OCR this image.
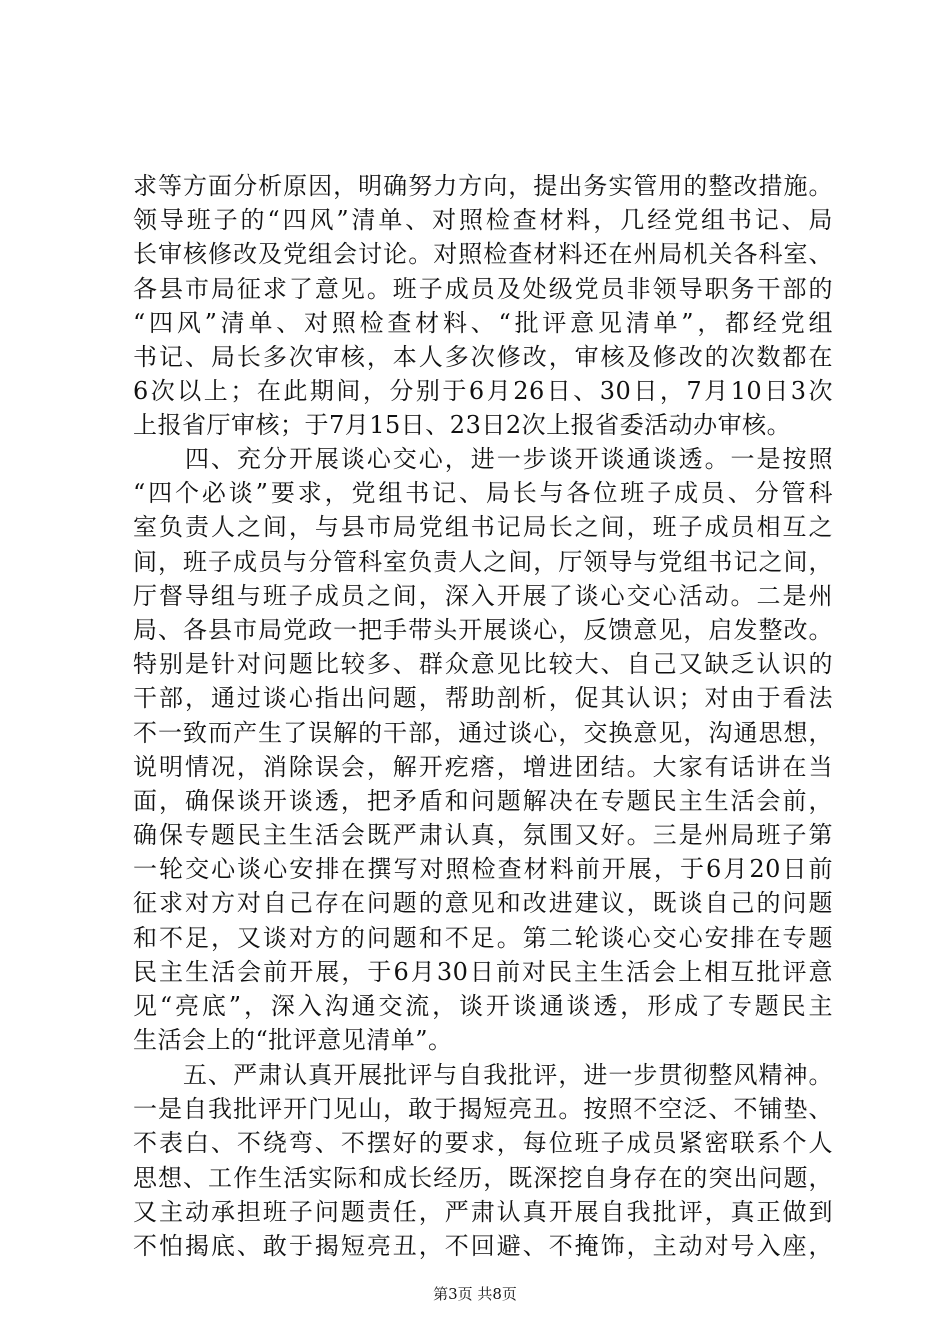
求等方面分析原因，明确努力方向，提出务实管用的整改措施。
领导班子的“四风”清单、对照检查材料，几经党组书记、局
长审核修改及党组会讨论。对照检查材料还在州局机关各科室、
各县市局征求了意见。班子成员及处级党员非领导职务干部的
“四风”清单、对照检查材料、“批评意见清单”，都经党组
书记、局长多次审核，本人多次修改，审核及修改的次数都在
6次以上；在此期间，分别于6月26日、30日，7月10日3次
上报省厅审核；于7月15日、23日2次上报省委活动办审核。
　　四、充分开展谈心交心，进一步谈开谈通谈透。一是按照
“四个必谈”要求，党组书记、局长与各位班子成员、分管科
室负责人之间，与县市局党组书记局长之间，班子成员相互之
间，班子成员与分管科室负责人之间，厅领导与党组书记之间，
厅督导组与班子成员之间，深入开展了谈心交心活动。二是州
局、各县市局党政一把手带头开展谈心，反馈意见，启发整改。
特别是针对问题比较多、群众意见比较大、自己又缺乏认识的
干部，通过谈心指出问题，帮助剖析，促其认识；对由于看法
不一致而产生了误解的干部，通过谈心，交换意见，沟通思想，
说明情况，消除误会，解开疙瘩，增进团结。大家有话讲在当
面，确保谈开谈透，把矛盾和问题解决在专题民主生活会前，
确保专题民主生活会既严肃认真，氛围又好。三是州局班子第
一轮交心谈心安排在撰写对照检查材料前开展，于6月20日前
征求对方对自己存在问题的意见和改进建议，既谈自己的问题
和不足，又谈对方的问题和不足。第二轮谈心交心安排在专题
民主生活会前开展，于6月30日前对民主生活会上相互批评意
见“亮底”，深入沟通交流，谈开谈通谈透，形成了专题民主
生活会上的“批评意见清单”。
　　五、严肃认真开展批评与自我批评，进一步贯彻整风精神。
一是自我批评开门见山，敢于揭短亮丑。按照不空泛、不铺垫、
不表白、不绕弯、不摆好的要求，每位班子成员紧密联系个人
思想、工作生活实际和成长经历，既深挖自身存在的突出问题，
又主动承担班子问题责任，严肃认真开展自我批评，真正做到
不怕揭底、敢于揭短亮丑，不回避、不掩饰，主动对号入座，
第3页 共8页
